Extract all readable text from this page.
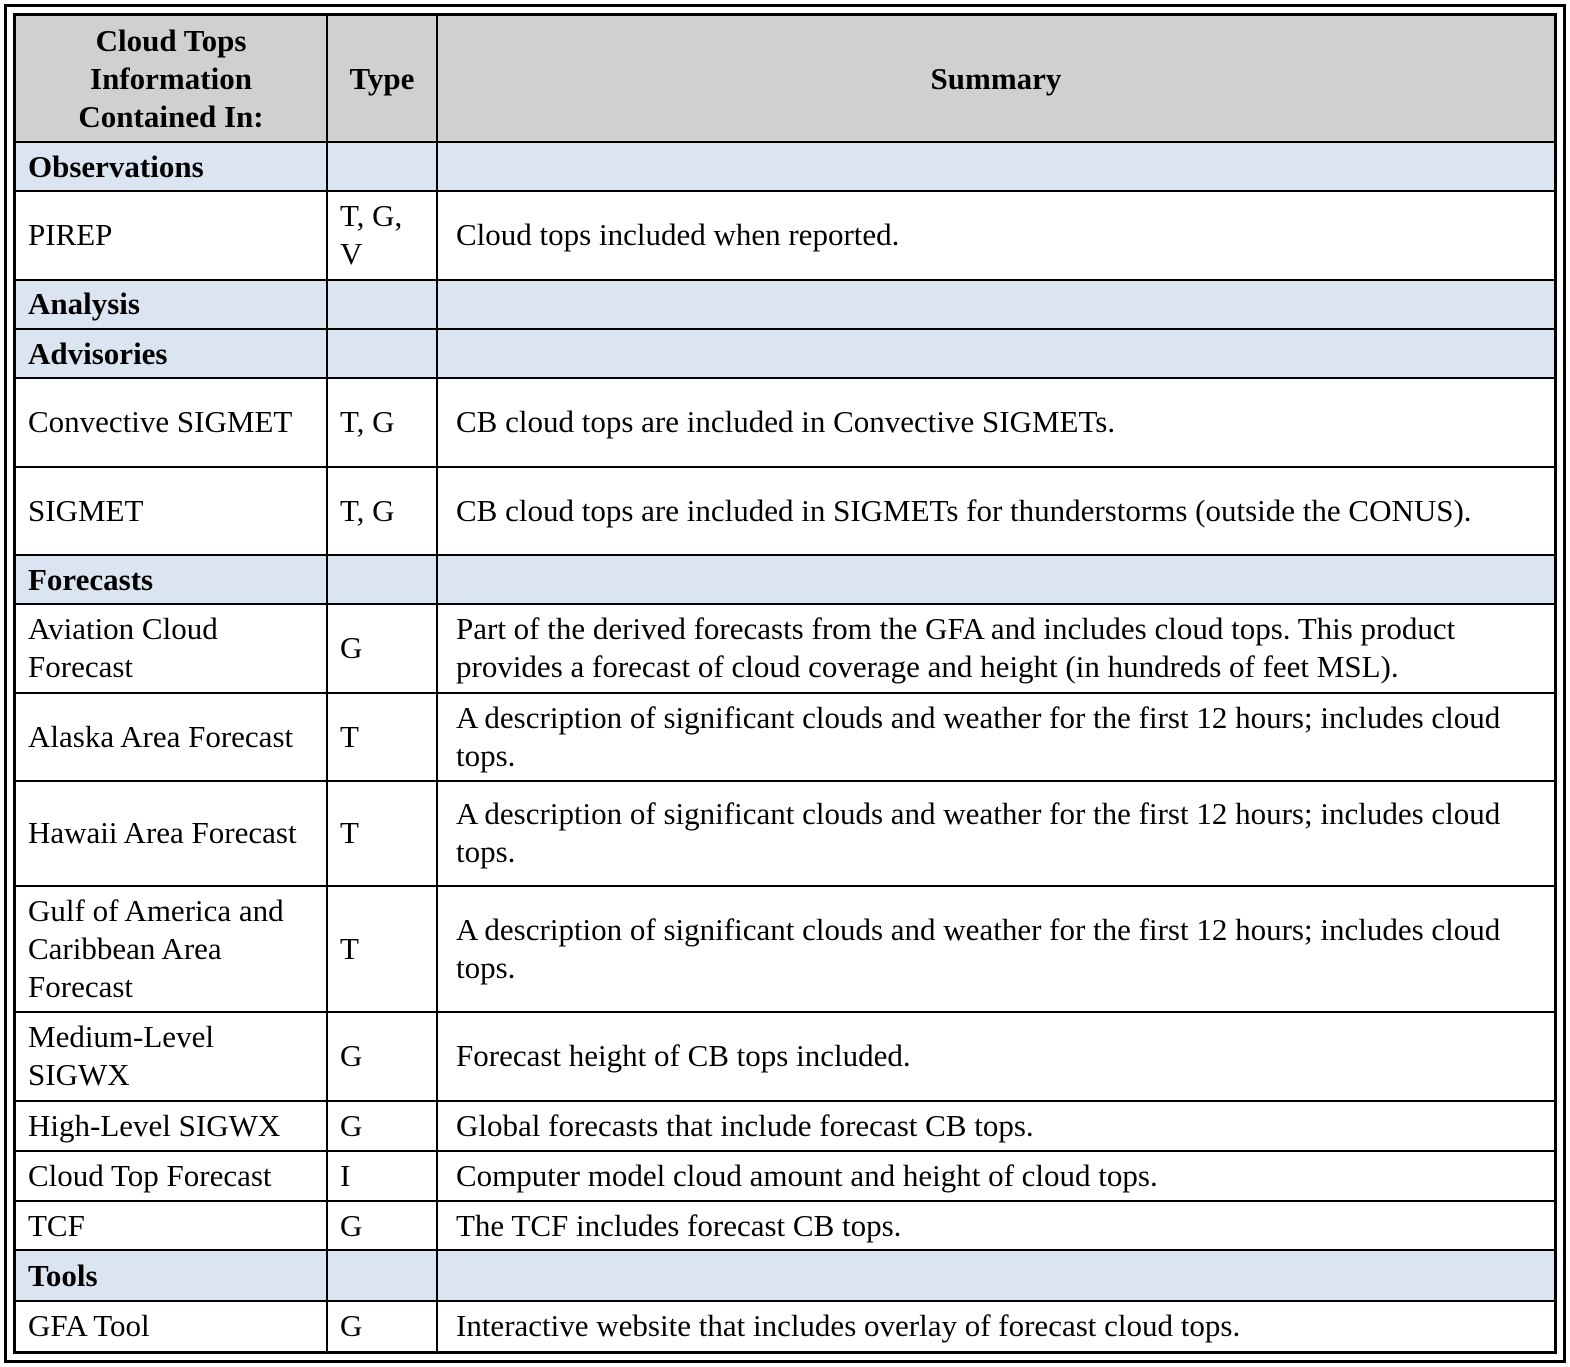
Cloud Tops Information Contained In:	Type	Summary
Observations		
PIREP	T, G, V	Cloud tops included when reported.
Analysis		
Advisories		
Convective SIGMET	T, G	CB cloud tops are included in Convective SIGMETs.
SIGMET	T, G	CB cloud tops are included in SIGMETs for thunderstorms (outside the CONUS).
Forecasts		
Aviation Cloud Forecast	G	Part of the derived forecasts from the GFA and includes cloud tops. This product provides a forecast of cloud coverage and height (in hundreds of feet MSL).
Alaska Area Forecast	T	A description of significant clouds and weather for the first 12 hours; includes cloud tops.
Hawaii Area Forecast	T	A description of significant clouds and weather for the first 12 hours; includes cloud tops.
Gulf of America and Caribbean Area Forecast	T	A description of significant clouds and weather for the first 12 hours; includes cloud tops.
Medium-Level SIGWX	G	Forecast height of CB tops included.
High-Level SIGWX	G	Global forecasts that include forecast CB tops.
Cloud Top Forecast	I	Computer model cloud amount and height of cloud tops.
TCF	G	The TCF includes forecast CB tops.
Tools		
GFA Tool	G	Interactive website that includes overlay of forecast cloud tops.
